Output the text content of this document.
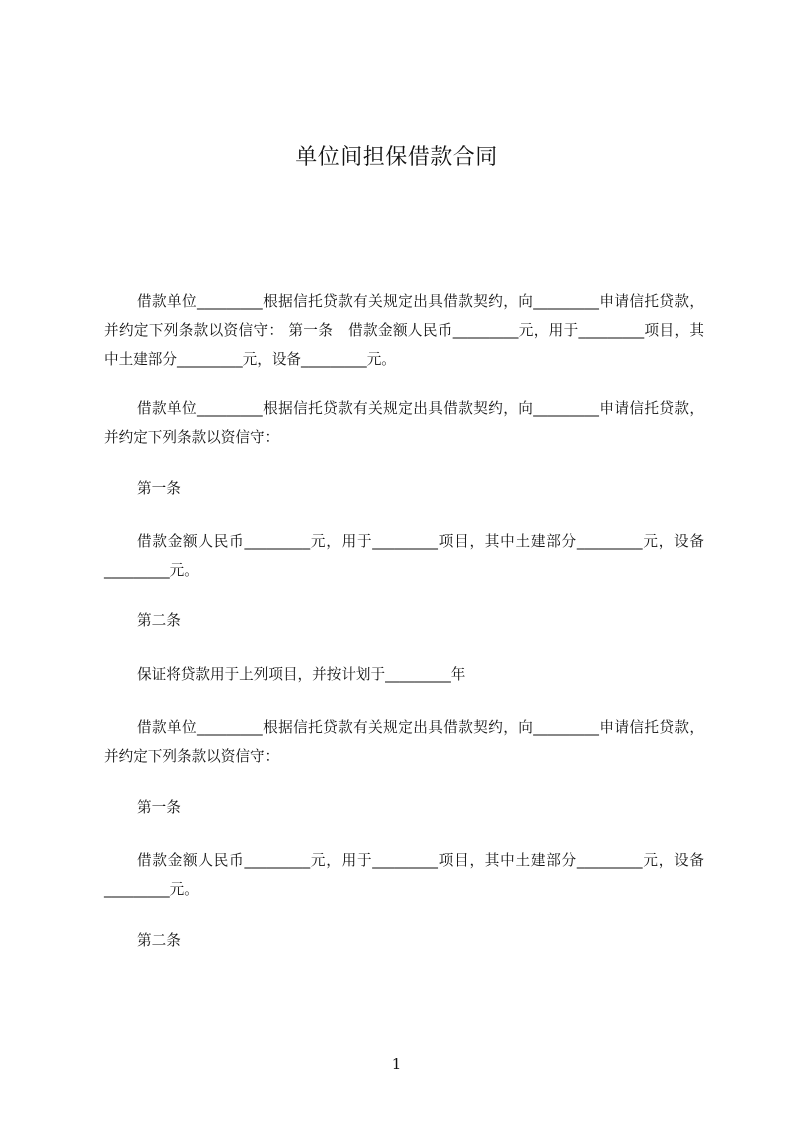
单位间担保借款合同

借款单位_________根据信托贷款有关规定出具借款契约，向_________申请信托贷款，并约定下列条款以资信守： 第一条　借款金额人民币_________元，用于_________项目，其中土建部分_________元，设备_________元。

借款单位_________根据信托贷款有关规定出具借款契约，向_________申请信托贷款，并约定下列条款以资信守：

第一条

借款金额人民币_________元，用于_________项目，其中土建部分_________元，设备_________元。

第二条
保证将贷款用于上列项目，并按计划于_________年

借款单位_________根据信托贷款有关规定出具借款契约，向_________申请信托贷款，并约定下列条款以资信守：

第一条

借款金额人民币_________元，用于_________项目，其中土建部分_________元，设备_________元。

第二条
1
